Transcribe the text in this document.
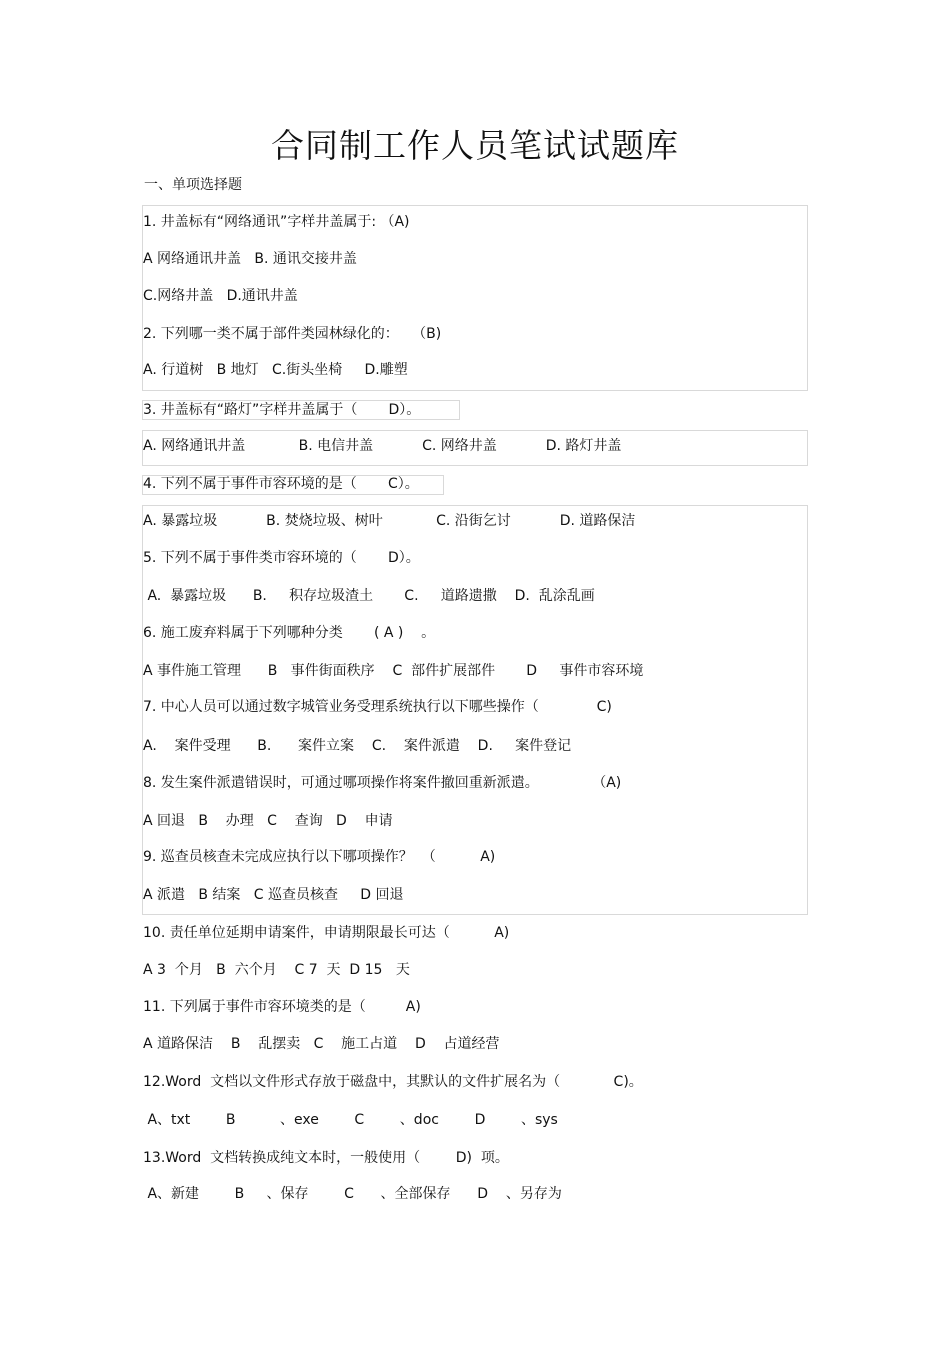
合同制工作人员笔试试题库
一、单项选择题
1. 井盖标有“网络通讯”字样井盖属于: （A)
A 网络通讯井盖   B. 通讯交接井盖
C.网络井盖   D.通讯井盖
2. 下列哪一类不属于部件类园林绿化的：   （B)
A. 行道树   B 地灯   C.街头坐椅     D.雕塑
3. 井盖标有“路灯”字样井盖属于（       D）。
A. 网络通讯井盖            B. 电信井盖           C. 网络井盖           D. 路灯井盖
4. 下列不属于事件市容环境的是（       C）。
A. 暴露垃圾           B. 焚烧垃圾、树叶            C. 沿街乞讨           D. 道路保洁
5. 下列不属于事件类市容环境的（       D）。
A.  暴露垃圾      B.     积存垃圾渣土       C.     道路遗撒    D.  乱涂乱画
6. 施工废弃料属于下列哪种分类       ( A )    。
A 事件施工管理      B   事件街面秩序    C  部件扩展部件       D     事件市容环境
7. 中心人员可以通过数字城管业务受理系统执行以下哪些操作（             C)
A.    案件受理      B.      案件立案    C.    案件派遣    D.     案件登记
8. 发生案件派遣错误时，可通过哪项操作将案件撤回重新派遣。            （A)
A 回退   B    办理   C    查询   D    申请
9. 巡查员核查未完成应执行以下哪项操作？  （          A)
A 派遣   B 结案   C 巡查员核查     D 回退
10. 责任单位延期申请案件，申请期限最长可达（          A)
A 3  个月   B  六个月    C 7  天  D 15   天
11. 下列属于事件市容环境类的是（         A)
A 道路保洁    B    乱摆卖   C    施工占道    D    占道经营
12.Word  文档以文件形式存放于磁盘中，其默认的文件扩展名为（            C)。
A、txt        B          、exe        C        、doc        D        、sys
13.Word  文档转换成纯文本时，一般使用（        D)  项。
A、新建        B     、保存        C      、全部保存      D    、另存为
